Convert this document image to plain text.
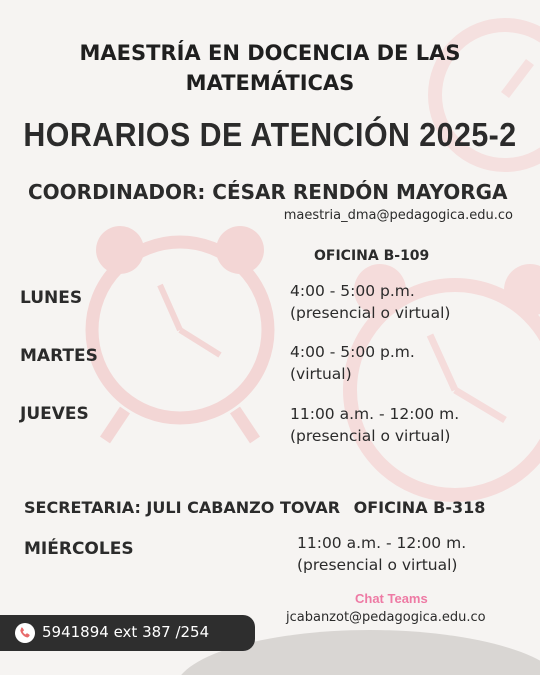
MAESTRÍA EN DOCENCIA DE LAS
MATEMÁTICAS
HORARIOS DE ATENCIÓN 2025-2
COORDINADOR: CÉSAR RENDÓN MAYORGA
maestria_dma@pedagogica.edu.co
OFICINA B-109
LUNES	4:00 - 5:00 p.m.
(presencial o virtual)
MARTES	4:00 - 5:00 p.m.
(virtual)
JUEVES	11:00 a.m. - 12:00 m.
(presencial o virtual)
SECRETARIA: JULI CABANZO TOVAR OFICINA B-318
MIÉRCOLES	11:00 a.m. - 12:00 m.
(presencial o virtual)
Chat Teams
jcabanzot@pedagogica.edu.co
5941894 ext 387 /254
